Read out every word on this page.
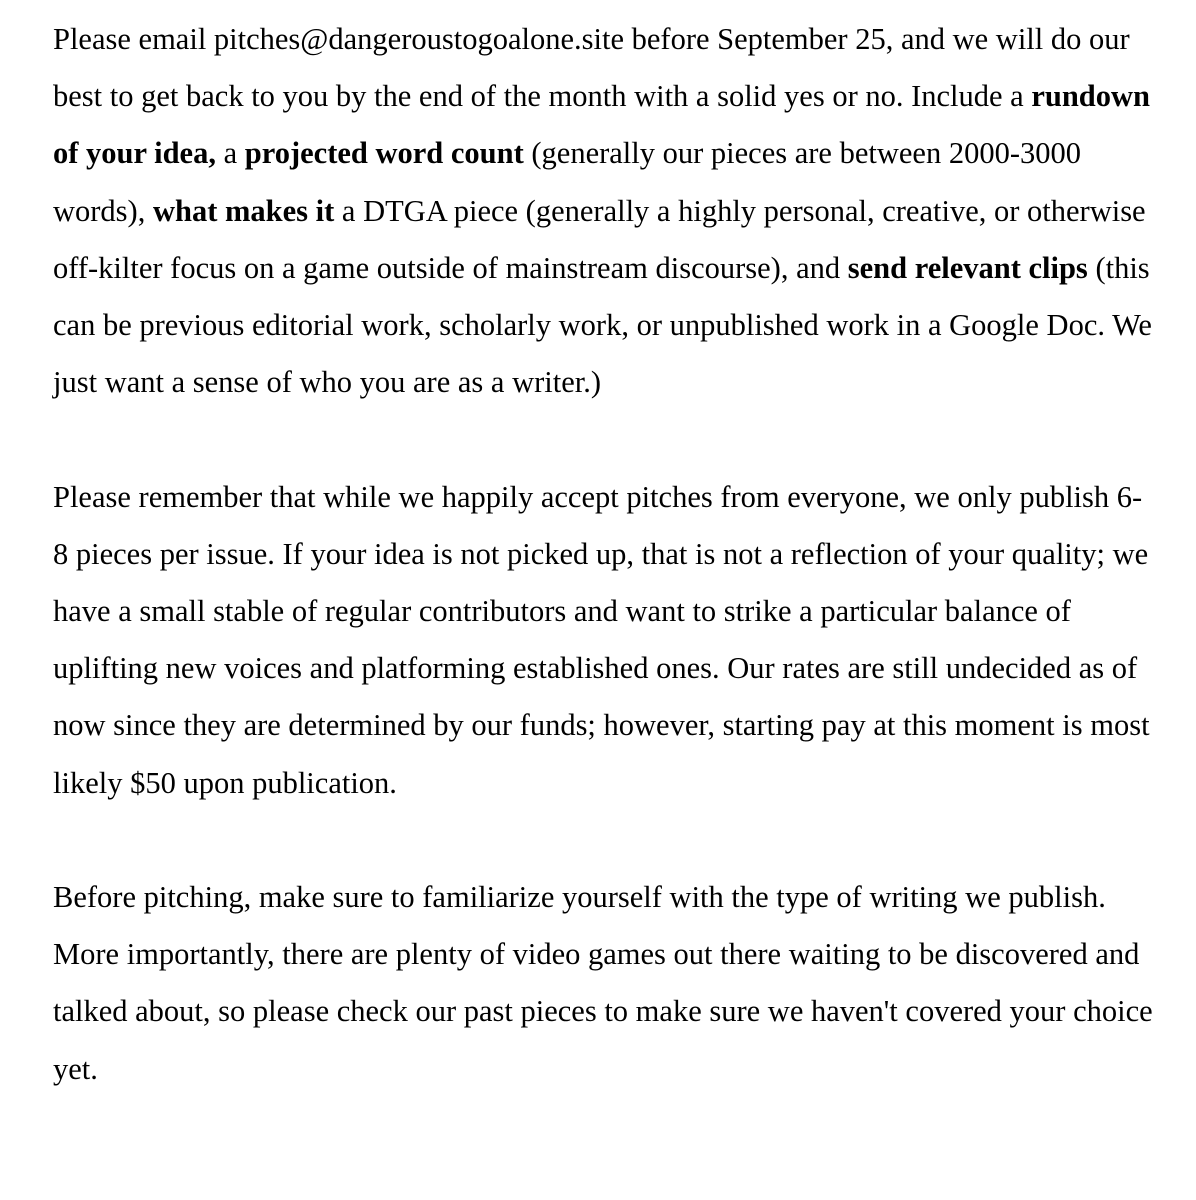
Please email pitches@dangeroustogoalone.site before September 25, and we will do our best to get back to you by the end of the month with a solid yes or no. Include a rundown of your idea, a projected word count (generally our pieces are between 2000-3000 words), what makes it a DTGA piece (generally a highly personal, creative, or otherwise off-kilter focus on a game outside of mainstream discourse), and send relevant clips (this can be previous editorial work, scholarly work, or unpublished work in a Google Doc. We just want a sense of who you are as a writer.)

Please remember that while we happily accept pitches from everyone, we only publish 6-8 pieces per issue. If your idea is not picked up, that is not a reflection of your quality; we have a small stable of regular contributors and want to strike a particular balance of uplifting new voices and platforming established ones. Our rates are still undecided as of now since they are determined by our funds; however, starting pay at this moment is most likely $50 upon publication.

Before pitching, make sure to familiarize yourself with the type of writing we publish. More importantly, there are plenty of video games out there waiting to be discovered and talked about, so please check our past pieces to make sure we haven't covered your choice yet.
